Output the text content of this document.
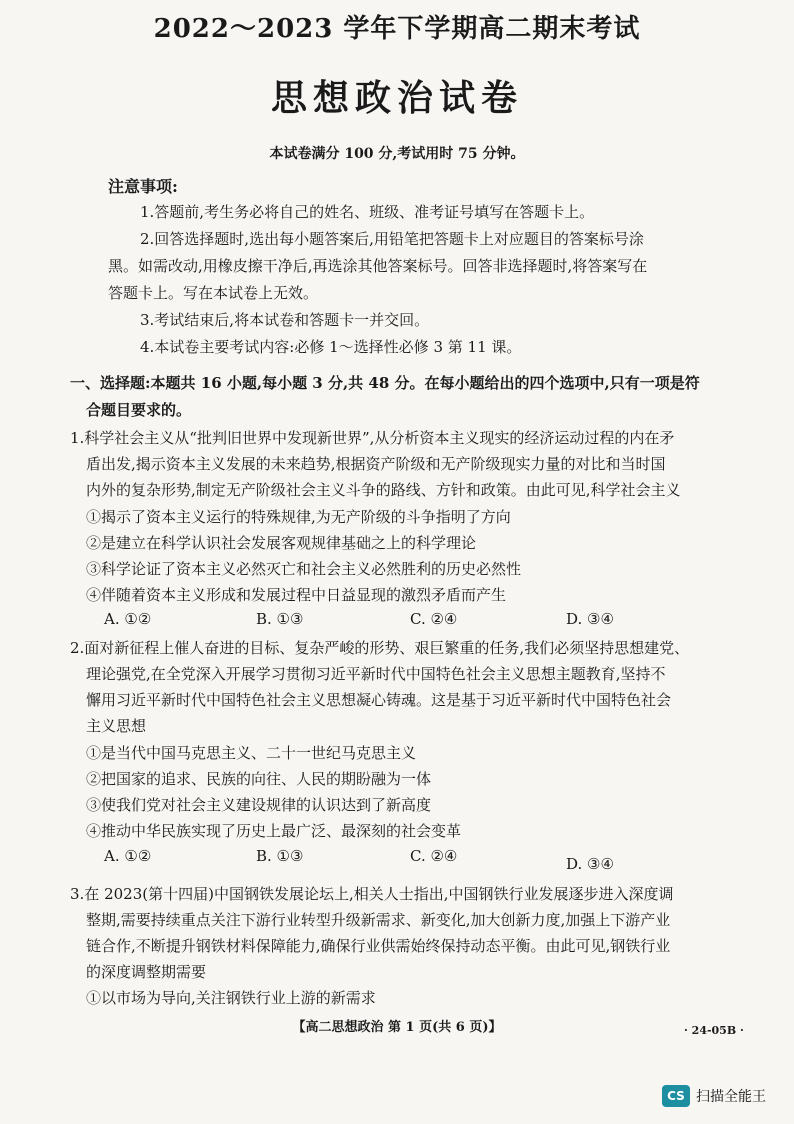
2022～2023 学年下学期高二期末考试
思想政治试卷
本试卷满分 100 分,考试用时 75 分钟。
注意事项:
1.答题前,考生务必将自己的姓名、班级、准考证号填写在答题卡上。
2.回答选择题时,选出每小题答案后,用铅笔把答题卡上对应题目的答案标号涂
黑。如需改动,用橡皮擦干净后,再选涂其他答案标号。回答非选择题时,将答案写在
答题卡上。写在本试卷上无效。
3.考试结束后,将本试卷和答题卡一并交回。
4.本试卷主要考试内容:必修 1～选择性必修 3 第 11 课。
一、选择题:本题共 16 小题,每小题 3 分,共 48 分。在每小题给出的四个选项中,只有一项是符
合题目要求的。
1.科学社会主义从“批判旧世界中发现新世界”,从分析资本主义现实的经济运动过程的内在矛
盾出发,揭示资本主义发展的未来趋势,根据资产阶级和无产阶级现实力量的对比和当时国
内外的复杂形势,制定无产阶级社会主义斗争的路线、方针和政策。由此可见,科学社会主义
①揭示了资本主义运行的特殊规律,为无产阶级的斗争指明了方向
②是建立在科学认识社会发展客观规律基础之上的科学理论
③科学论证了资本主义必然灭亡和社会主义必然胜利的历史必然性
④伴随着资本主义形成和发展过程中日益显现的激烈矛盾而产生
A. ①②	B. ①③	C. ②④	D. ③④
2.面对新征程上催人奋进的目标、复杂严峻的形势、艰巨繁重的任务,我们必须坚持思想建党、
理论强党,在全党深入开展学习贯彻习近平新时代中国特色社会主义思想主题教育,坚持不
懈用习近平新时代中国特色社会主义思想凝心铸魂。这是基于习近平新时代中国特色社会
主义思想
①是当代中国马克思主义、二十一世纪马克思主义
②把国家的追求、民族的向往、人民的期盼融为一体
③使我们党对社会主义建设规律的认识达到了新高度
④推动中华民族实现了历史上最广泛、最深刻的社会变革
A. ①②	B. ①③	C. ②④	D. ③④
3.在 2023(第十四届)中国钢铁发展论坛上,相关人士指出,中国钢铁行业发展逐步进入深度调
整期,需要持续重点关注下游行业转型升级新需求、新变化,加大创新力度,加强上下游产业
链合作,不断提升钢铁材料保障能力,确保行业供需始终保持动态平衡。由此可见,钢铁行业
的深度调整期需要
①以市场为导向,关注钢铁行业上游的新需求
【高二思想政治 第 1 页(共 6 页)】	· 24-05B ·
CS 扫描全能王
